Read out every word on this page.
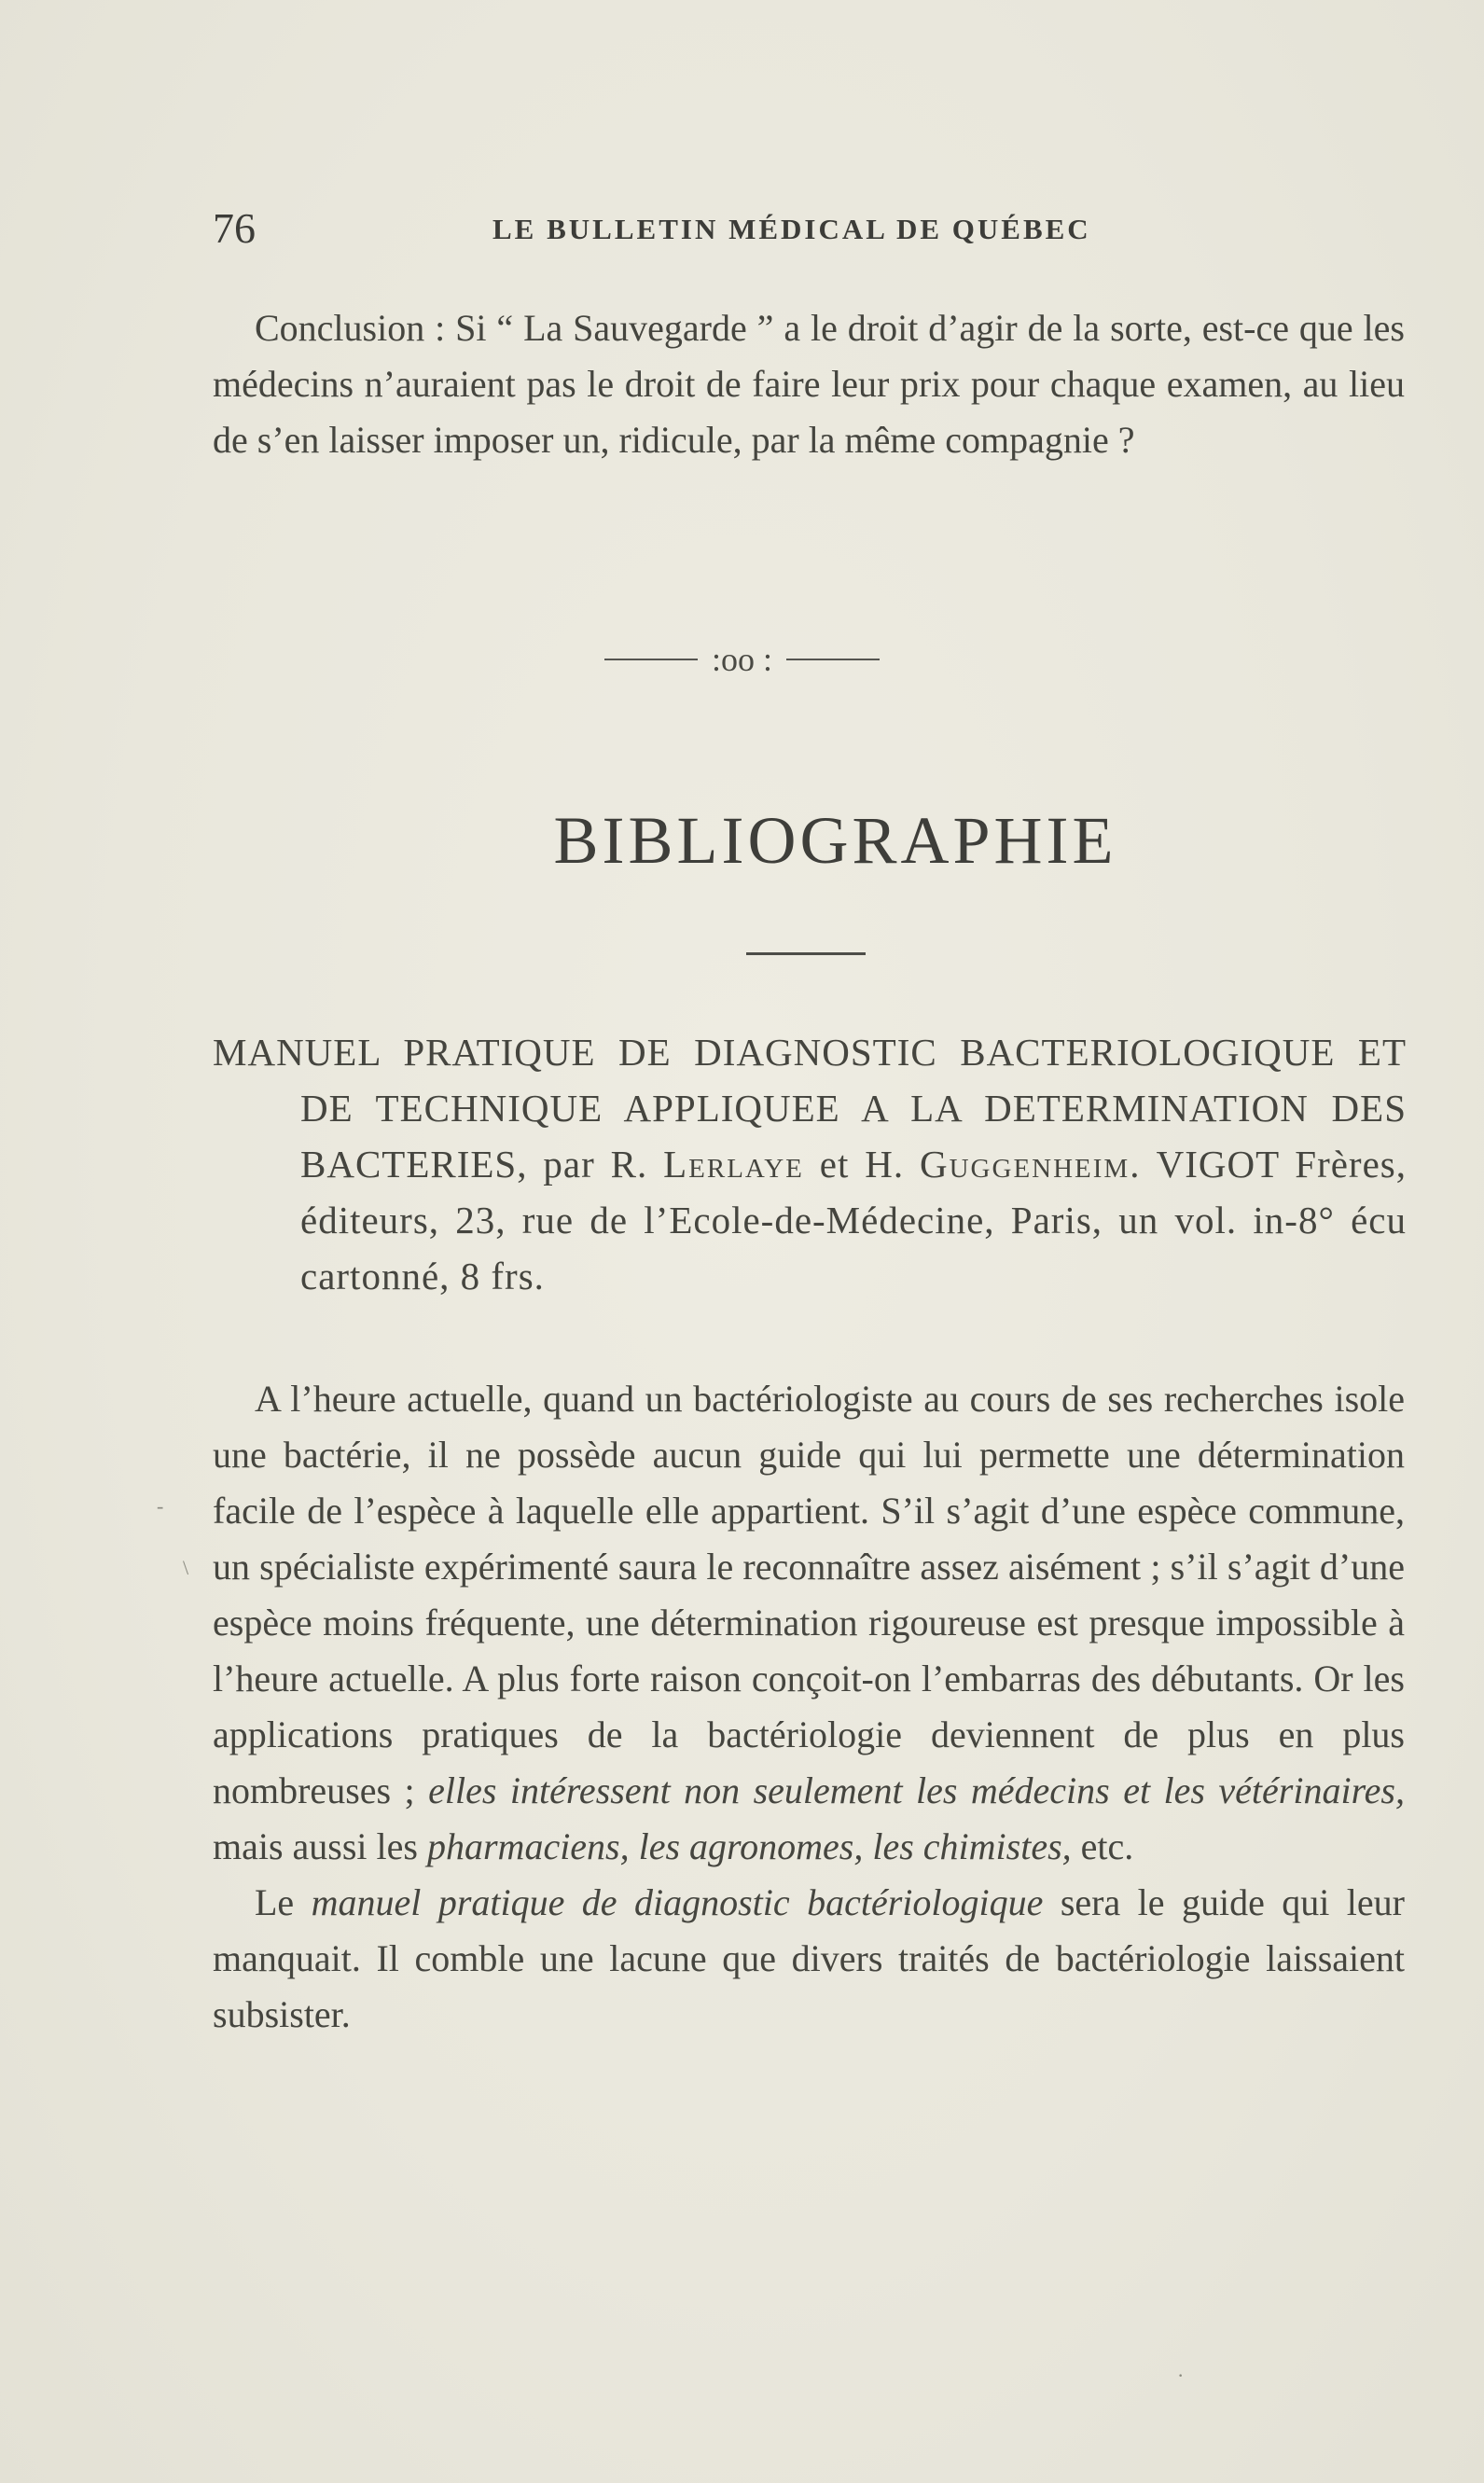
76	LE BULLETIN MÉDICAL DE QUÉBEC

Conclusion : Si “ La Sauvegarde ” a le droit d’agir de la sorte, est-ce que les médecins n’auraient pas le droit de faire leur prix pour chaque examen, au lieu de s’en laisser imposer un, ridicule, par la même compagnie ?

:oo :
BIBLIOGRAPHIE
MANUEL PRATIQUE DE DIAGNOSTIC BACTERIOLOGIQUE ET DE TECHNIQUE APPLIQUEE A LA DETERMINATION DES BACTERIES, par R. Lerlaye et H. Guggenheim. VIGOT Frères, éditeurs, 23, rue de l’Ecole-de-Médecine, Paris, un vol. in-8° écu cartonné, 8 frs.

A l’heure actuelle, quand un bactériologiste au cours de ses recherches isole une bactérie, il ne possède aucun guide qui lui permette une détermination facile de l’espèce à laquelle elle appartient. S’il s’agit d’une espèce commune, un spécialiste expérimenté saura le reconnaître assez aisément ; s’il s’agit d’une espèce moins fréquente, une détermination rigoureuse est presque impossible à l’heure actuelle. A plus forte raison conçoit-on l’embarras des débutants. Or les applications pratiques de la bactériologie deviennent de plus en plus nombreuses ; elles intéressent non seulement les médecins et les vétérinaires, mais aussi les pharmaciens, les agronomes, les chimistes, etc.

Le manuel pratique de diagnostic bactériologique sera le guide qui leur manquait. Il comble une lacune que divers traités de bactériologie laissaient subsister.

-
\
·
